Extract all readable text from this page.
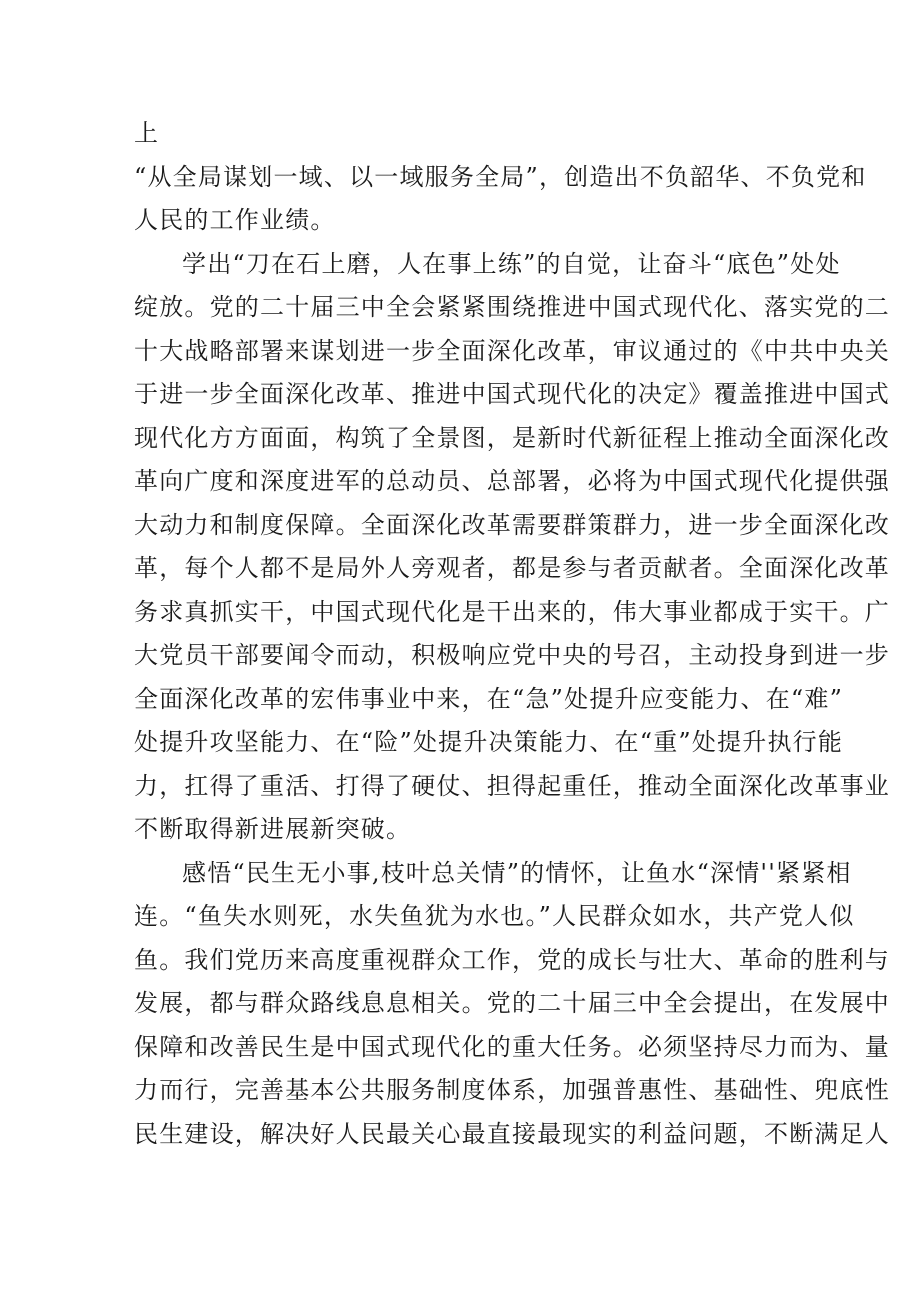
上
“从全局谋划一域、以一域服务全局”，创造出不负韶华、不负党和
人民的工作业绩。
学出“刀在石上磨，人在事上练”的自觉，让奋斗“底色”处处
绽放。党的二十届三中全会紧紧围绕推进中国式现代化、落实党的二
十大战略部署来谋划进一步全面深化改革，审议通过的《中共中央关
于进一步全面深化改革、推进中国式现代化的决定》覆盖推进中国式
现代化方方面面，构筑了全景图，是新时代新征程上推动全面深化改
革向广度和深度进军的总动员、总部署，必将为中国式现代化提供强
大动力和制度保障。全面深化改革需要群策群力，进一步全面深化改
革，每个人都不是局外人旁观者，都是参与者贡献者。全面深化改革
务求真抓实干，中国式现代化是干出来的，伟大事业都成于实干。广
大党员干部要闻令而动，积极响应党中央的号召，主动投身到进一步
全面深化改革的宏伟事业中来，在“急”处提升应变能力、在“难”
处提升攻坚能力、在“险”处提升决策能力、在“重”处提升执行能
力，扛得了重活、打得了硬仗、担得起重任，推动全面深化改革事业
不断取得新进展新突破。
感悟“民生无小事,枝叶总关情”的情怀，让鱼水“深情''紧紧相
连。“鱼失水则死，水失鱼犹为水也。”人民群众如水，共产党人似
鱼。我们党历来高度重视群众工作，党的成长与壮大、革命的胜利与
发展，都与群众路线息息相关。党的二十届三中全会提出，在发展中
保障和改善民生是中国式现代化的重大任务。必须坚持尽力而为、量
力而行，完善基本公共服务制度体系，加强普惠性、基础性、兜底性
民生建设，解决好人民最关心最直接最现实的利益问题，不断满足人
